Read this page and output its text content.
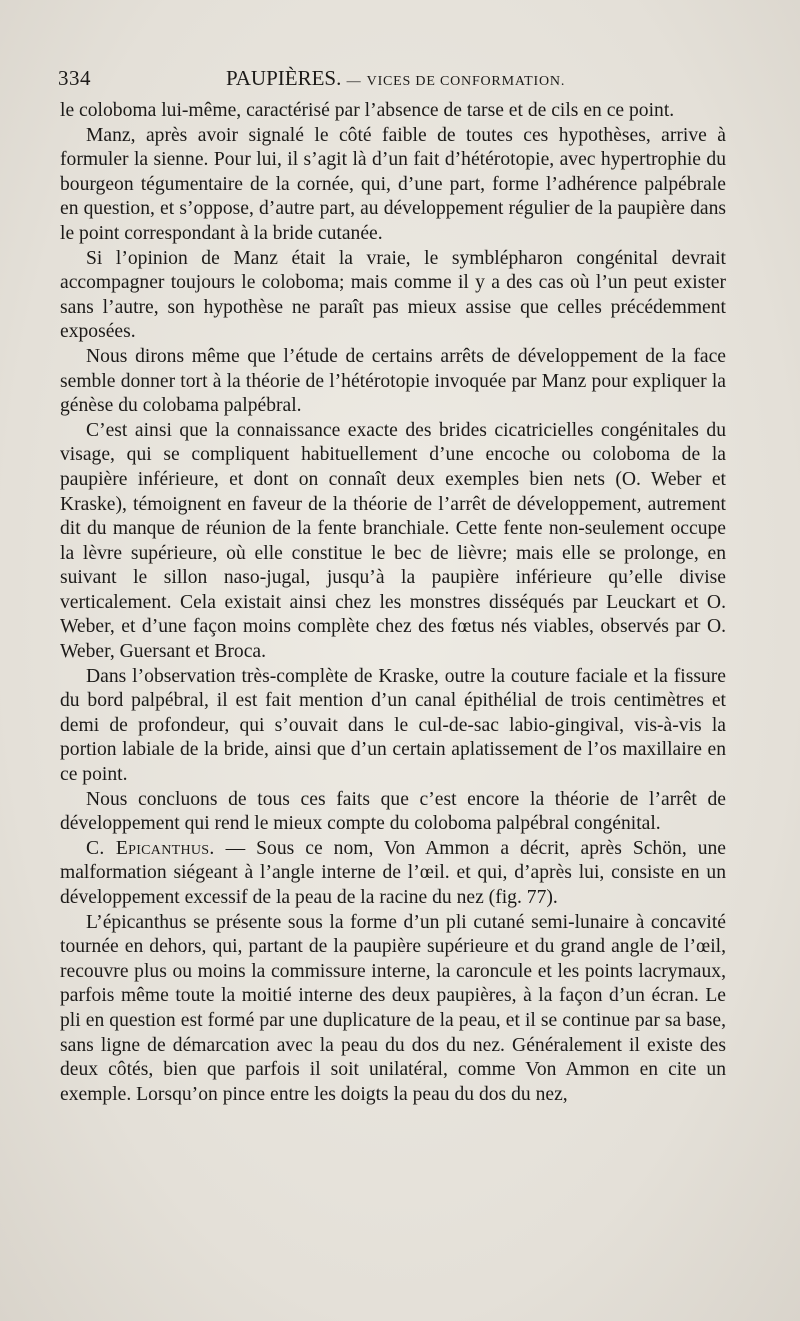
334	PAUPIÈRES. — VICES DE CONFORMATION.

le coloboma lui-même, caractérisé par l’absence de tarse et de cils en ce point.

Manz, après avoir signalé le côté faible de toutes ces hypothèses, arrive à formuler la sienne. Pour lui, il s’agit là d’un fait d’hétérotopie, avec hypertrophie du bourgeon tégumentaire de la cornée, qui, d’une part, forme l’adhérence palpébrale en question, et s’oppose, d’autre part, au développement régulier de la paupière dans le point correspondant à la bride cutanée.

Si l’opinion de Manz était la vraie, le symblépharon congénital devrait accompagner toujours le coloboma; mais comme il y a des cas où l’un peut exister sans l’autre, son hypothèse ne paraît pas mieux assise que celles précédemment exposées.

Nous dirons même que l’étude de certains arrêts de développement de la face semble donner tort à la théorie de l’hétérotopie invoquée par Manz pour expliquer la génèse du colobama palpébral.

C’est ainsi que la connaissance exacte des brides cicatricielles congénitales du visage, qui se compliquent habituellement d’une encoche ou coloboma de la paupière inférieure, et dont on connaît deux exemples bien nets (O. Weber et Kraske), témoignent en faveur de la théorie de l’arrêt de développement, autrement dit du manque de réunion de la fente branchiale. Cette fente non-seulement occupe la lèvre supérieure, où elle constitue le bec de lièvre; mais elle se prolonge, en suivant le sillon naso-jugal, jusqu’à la paupière inférieure qu’elle divise verticalement. Cela existait ainsi chez les monstres disséqués par Leuckart et O. Weber, et d’une façon moins complète chez des fœtus nés viables, observés par O. Weber, Guersant et Broca.

Dans l’observation très-complète de Kraske, outre la couture faciale et la fissure du bord palpébral, il est fait mention d’un canal épithélial de trois centimètres et demi de profondeur, qui s’ouvait dans le cul-de-sac labio-gingival, vis-à-vis la portion labiale de la bride, ainsi que d’un certain aplatissement de l’os maxillaire en ce point.

Nous concluons de tous ces faits que c’est encore la théorie de l’arrêt de développement qui rend le mieux compte du coloboma palpébral congénital.

C. Epicanthus. — Sous ce nom, Von Ammon a décrit, après Schön, une malformation siégeant à l’angle interne de l’œil. et qui, d’après lui, consiste en un développement excessif de la peau de la racine du nez (fig. 77).

L’épicanthus se présente sous la forme d’un pli cutané semi-lunaire à concavité tournée en dehors, qui, partant de la paupière supérieure et du grand angle de l’œil, recouvre plus ou moins la commissure interne, la caroncule et les points lacrymaux, parfois même toute la moitié interne des deux paupières, à la façon d’un écran. Le pli en question est formé par une duplicature de la peau, et il se continue par sa base, sans ligne de démarcation avec la peau du dos du nez. Généralement il existe des deux côtés, bien que parfois il soit unilatéral, comme Von Ammon en cite un exemple. Lorsqu’on pince entre les doigts la peau du dos du nez,
